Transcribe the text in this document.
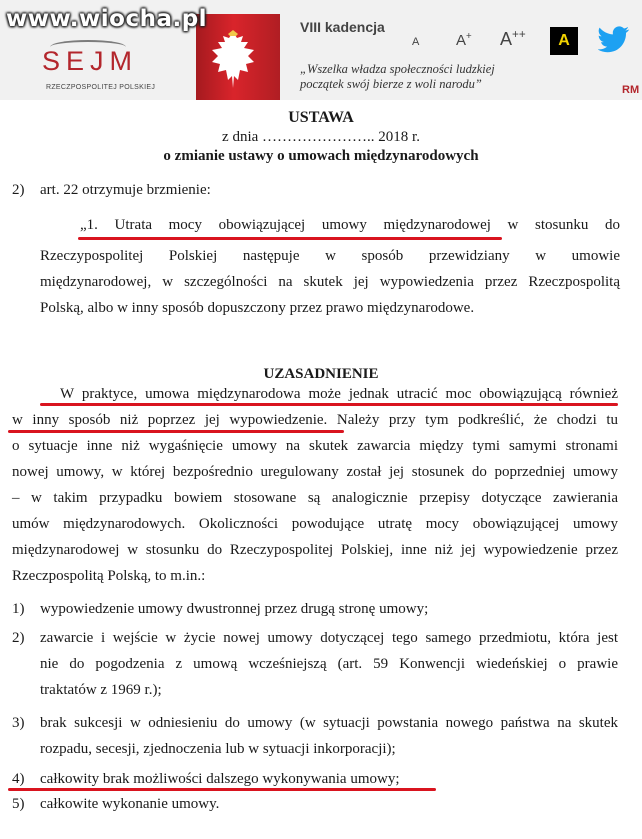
SEJM
RZECZPOSPOLITEJ POLSKIEJ
VIII kadencja
A A+ A++	A
„Wszelka władza społeczności ludzkiej
początek swój bierze z woli narodu”	RM
www.wiocha.pl
USTAWA
z dnia ………………….. 2018 r.
o zmianie ustawy o umowach międzynarodowych
2) art. 22 otrzymuje brzmienie:
„1. Utrata mocy obowiązującej umowy międzynarodowej w stosunku do
Rzeczypospolitej Polskiej następuje w sposób przewidziany w umowie
międzynarodowej, w szczególności na skutek jej wypowiedzenia przez Rzeczpospolitą
Polską, albo w inny sposób dopuszczony przez prawo międzynarodowe.
UZASADNIENIE
W praktyce, umowa międzynarodowa może jednak utracić moc obowiązującą również
w inny sposób niż poprzez jej wypowiedzenie. Należy przy tym podkreślić, że chodzi tu
o sytuacje inne niż wygaśnięcie umowy na skutek zawarcia między tymi samymi stronami
nowej umowy, w której bezpośrednio uregulowany został jej stosunek do poprzedniej umowy
– w takim przypadku bowiem stosowane są analogicznie przepisy dotyczące zawierania
umów międzynarodowych. Okoliczności powodujące utratę mocy obowiązującej umowy
międzynarodowej w stosunku do Rzeczypospolitej Polskiej, inne niż jej wypowiedzenie przez
Rzeczpospolitą Polską, to m.in.:
1) wypowiedzenie umowy dwustronnej przez drugą stronę umowy;
2) zawarcie i wejście w życie nowej umowy dotyczącej tego samego przedmiotu, która jest
nie do pogodzenia z umową wcześniejszą (art. 59 Konwencji wiedeńskiej o prawie
traktatów z 1969 r.);
3) brak sukcesji w odniesieniu do umowy (w sytuacji powstania nowego państwa na skutek
rozpadu, secesji, zjednoczenia lub w sytuacji inkorporacji);
4) całkowity brak możliwości dalszego wykonywania umowy;
5) całkowite wykonanie umowy.
